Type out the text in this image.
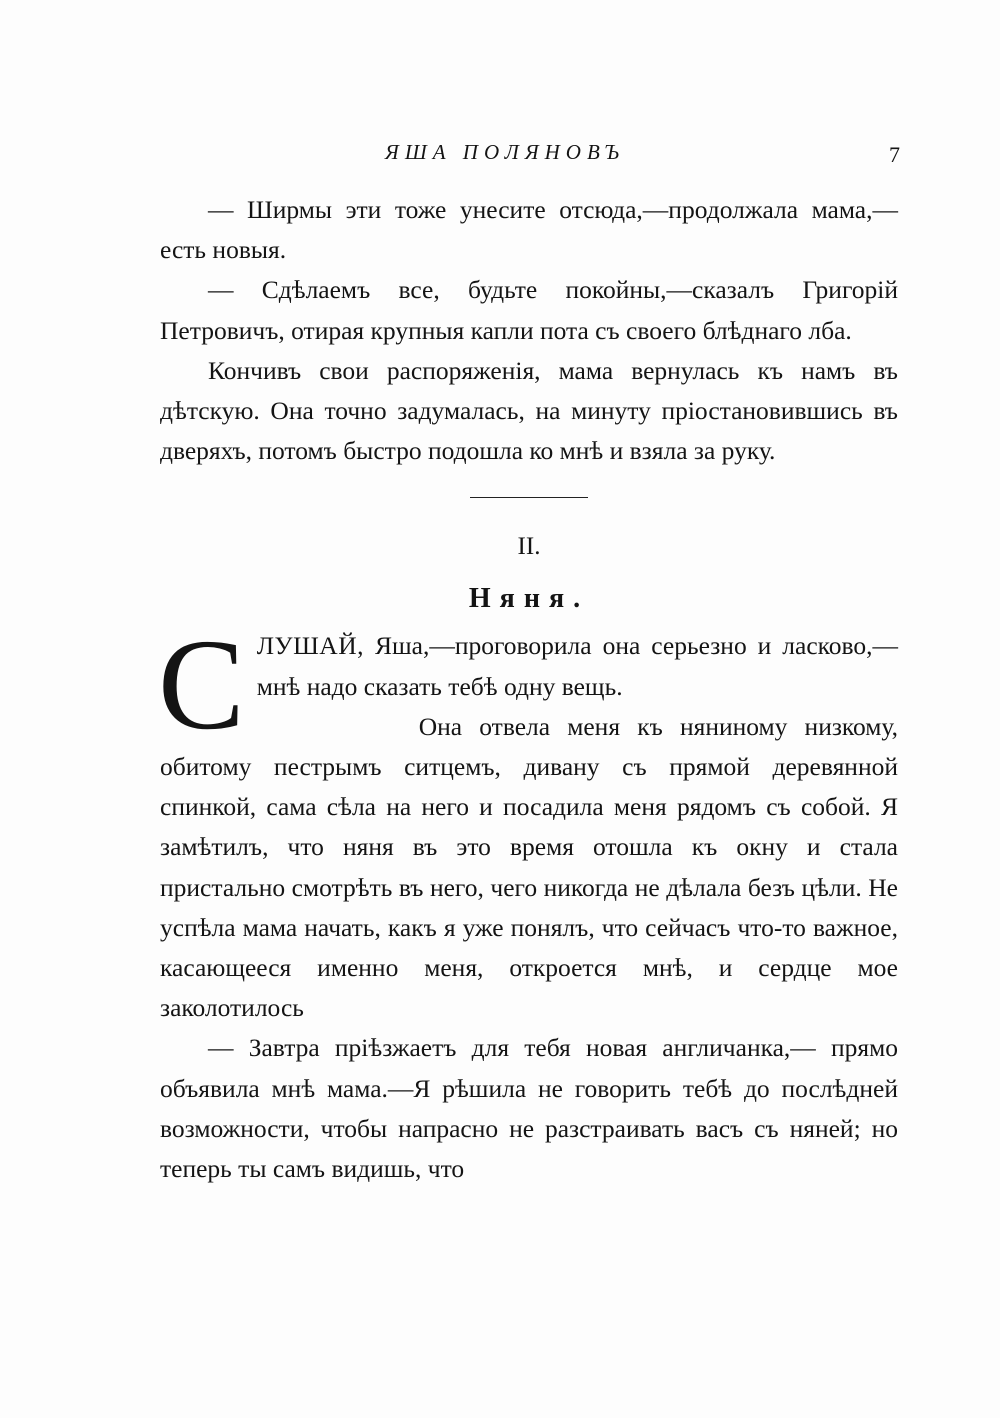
ЯША ПОЛЯНОВЪ	7

— Ширмы эти тоже унесите отсюда,—продолжала мама,—есть новыя.

— Сдѣлаемъ все, будьте покойны,—сказалъ Григорій Петровичъ, отирая крупныя капли пота съ своего блѣднаго лба.

Кончивъ свои распоряженія, мама вернулась къ намъ въ дѣтскую. Она точно задумалась, на минуту пріостановившись въ дверяхъ, потомъ быстро подошла ко мнѣ и взяла за руку.

II.

Няня.

СЛУШАЙ, Яша,—проговорила она серьезно и ласково,—мнѣ надо сказать тебѣ одну вещь.

Она отвела меня къ няниному низкому, обитому пестрымъ ситцемъ, дивану съ прямой деревянной спинкой, сама сѣла на него и посадила меня рядомъ съ собой. Я замѣтилъ, что няня въ это время отошла къ окну и стала пристально смотрѣть въ него, чего никогда не дѣлала безъ цѣли. Не успѣла мама начать, какъ я уже понялъ, что сейчасъ что-то важное, касающееся именно меня, откроется мнѣ, и сердце мое заколотилось

— Завтра пріѣзжаетъ для тебя новая англичанка,— прямо объявила мнѣ мама.—Я рѣшила не говорить тебѣ до послѣдней возможности, чтобы напрасно не разстраивать васъ съ няней; но теперь ты самъ видишь, что
